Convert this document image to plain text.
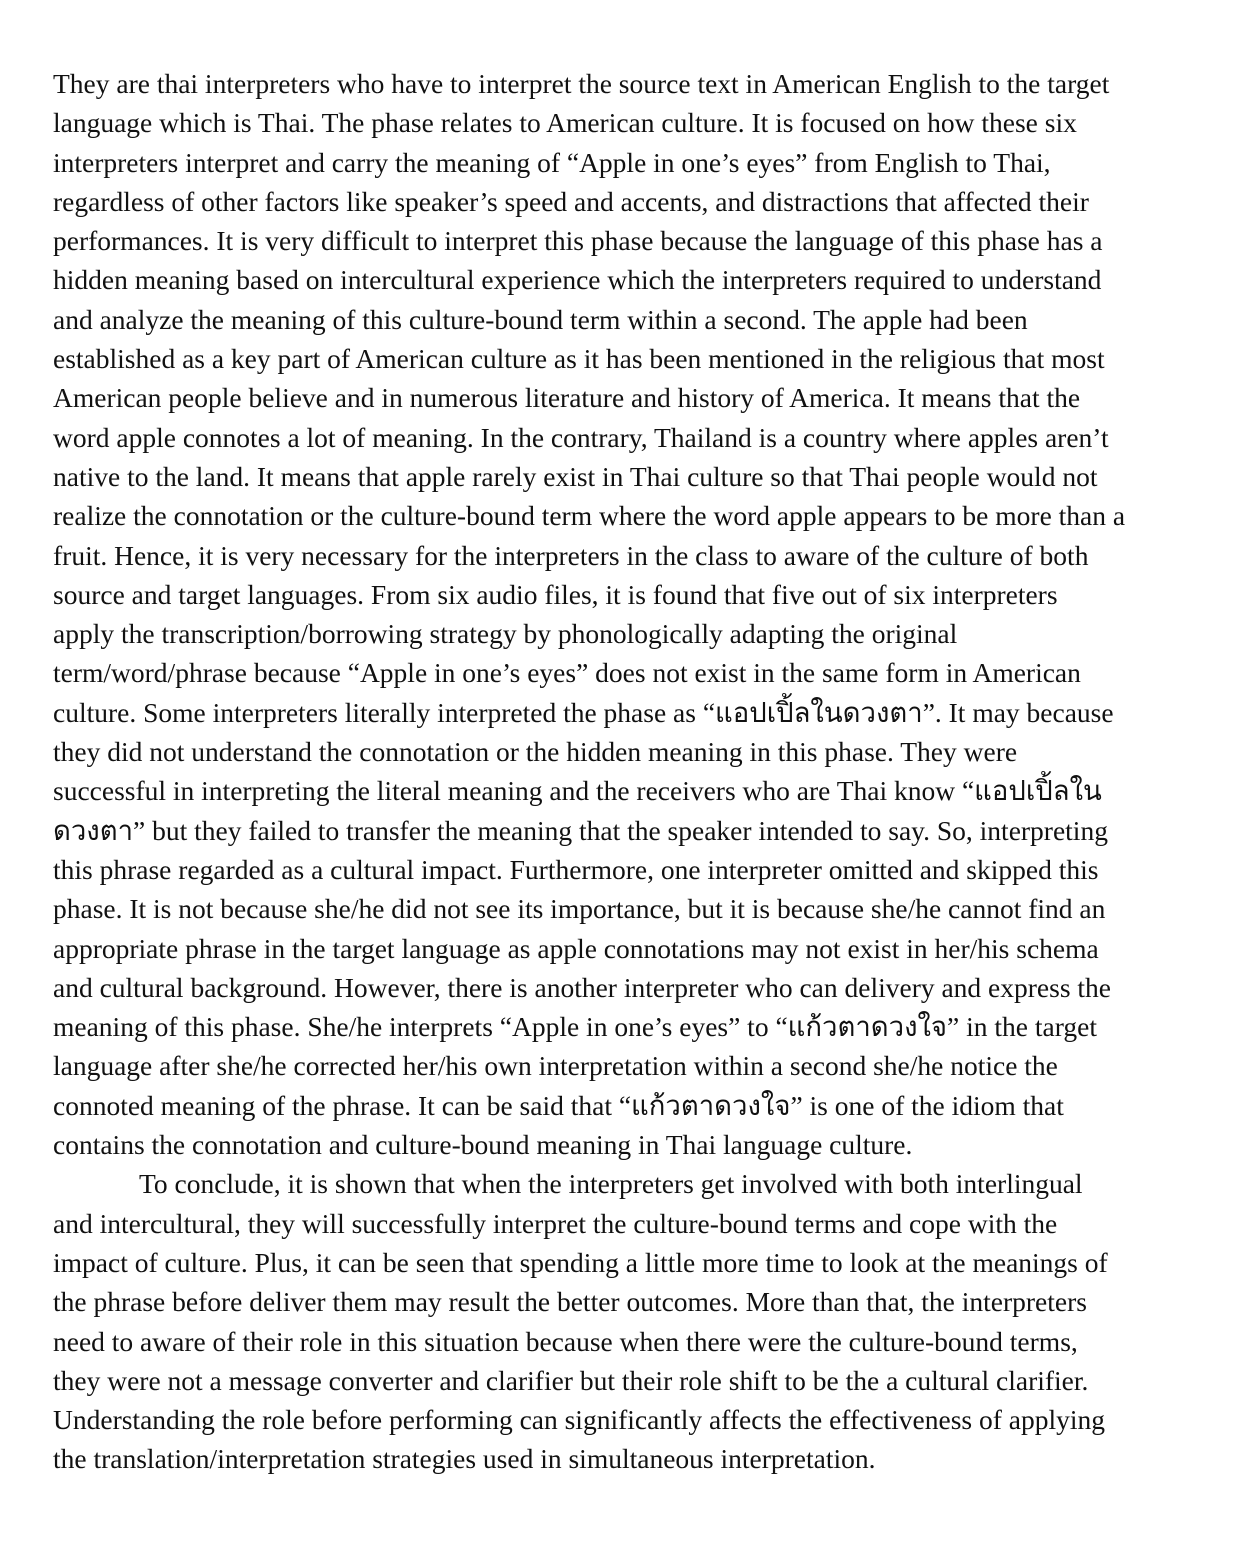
They are thai interpreters who have to interpret the source text in American English to the target
language which is Thai. The phase relates to American culture. It is focused on how these six
interpreters interpret and carry the meaning of “Apple in one’s eyes” from English to Thai,
regardless of other factors like speaker’s speed and accents, and distractions that affected their
performances. It is very difficult to interpret this phase because the language of this phase has a
hidden meaning based on intercultural experience which the interpreters required to understand
and analyze the meaning of this culture-bound term within a second. The apple had been
established as a key part of American culture as it has been mentioned in the religious that most
American people believe and in numerous literature and history of America. It means that the
word apple connotes a lot of meaning. In the contrary, Thailand is a country where apples aren’t
native to the land. It means that apple rarely exist in Thai culture so that Thai people would not
realize the connotation or the culture-bound term where the word apple appears to be more than a
fruit. Hence, it is very necessary for the interpreters in the class to aware of the culture of both
source and target languages. From six audio files, it is found that five out of six interpreters
apply the transcription/borrowing strategy by phonologically adapting the original
term/word/phrase because “Apple in one’s eyes” does not exist in the same form in American
culture. Some interpreters literally interpreted the phase as “แอปเปิ้ลในดวงตา”. It may because
they did not understand the connotation or the hidden meaning in this phase. They were
successful in interpreting the literal meaning and the receivers who are Thai know “แอปเปิ้ลใน
ดวงตา” but they failed to transfer the meaning that the speaker intended to say. So, interpreting
this phrase regarded as a cultural impact. Furthermore, one interpreter omitted and skipped this
phase. It is not because she/he did not see its importance, but it is because she/he cannot find an
appropriate phrase in the target language as apple connotations may not exist in her/his schema
and cultural background. However, there is another interpreter who can delivery and express the
meaning of this phase. She/he interprets “Apple in one’s eyes” to “แก้วตาดวงใจ” in the target
language after she/he corrected her/his own interpretation within a second she/he notice the
connoted meaning of the phrase. It can be said that “แก้วตาดวงใจ” is one of the idiom that
contains the connotation and culture-bound meaning in Thai language culture.
To conclude, it is shown that when the interpreters get involved with both interlingual
and intercultural, they will successfully interpret the culture-bound terms and cope with the
impact of culture. Plus, it can be seen that spending a little more time to look at the meanings of
the phrase before deliver them may result the better outcomes. More than that, the interpreters
need to aware of their role in this situation because when there were the culture-bound terms,
they were not a message converter and clarifier but their role shift to be the a cultural clarifier.
Understanding the role before performing can significantly affects the effectiveness of applying
the translation/interpretation strategies used in simultaneous interpretation.
